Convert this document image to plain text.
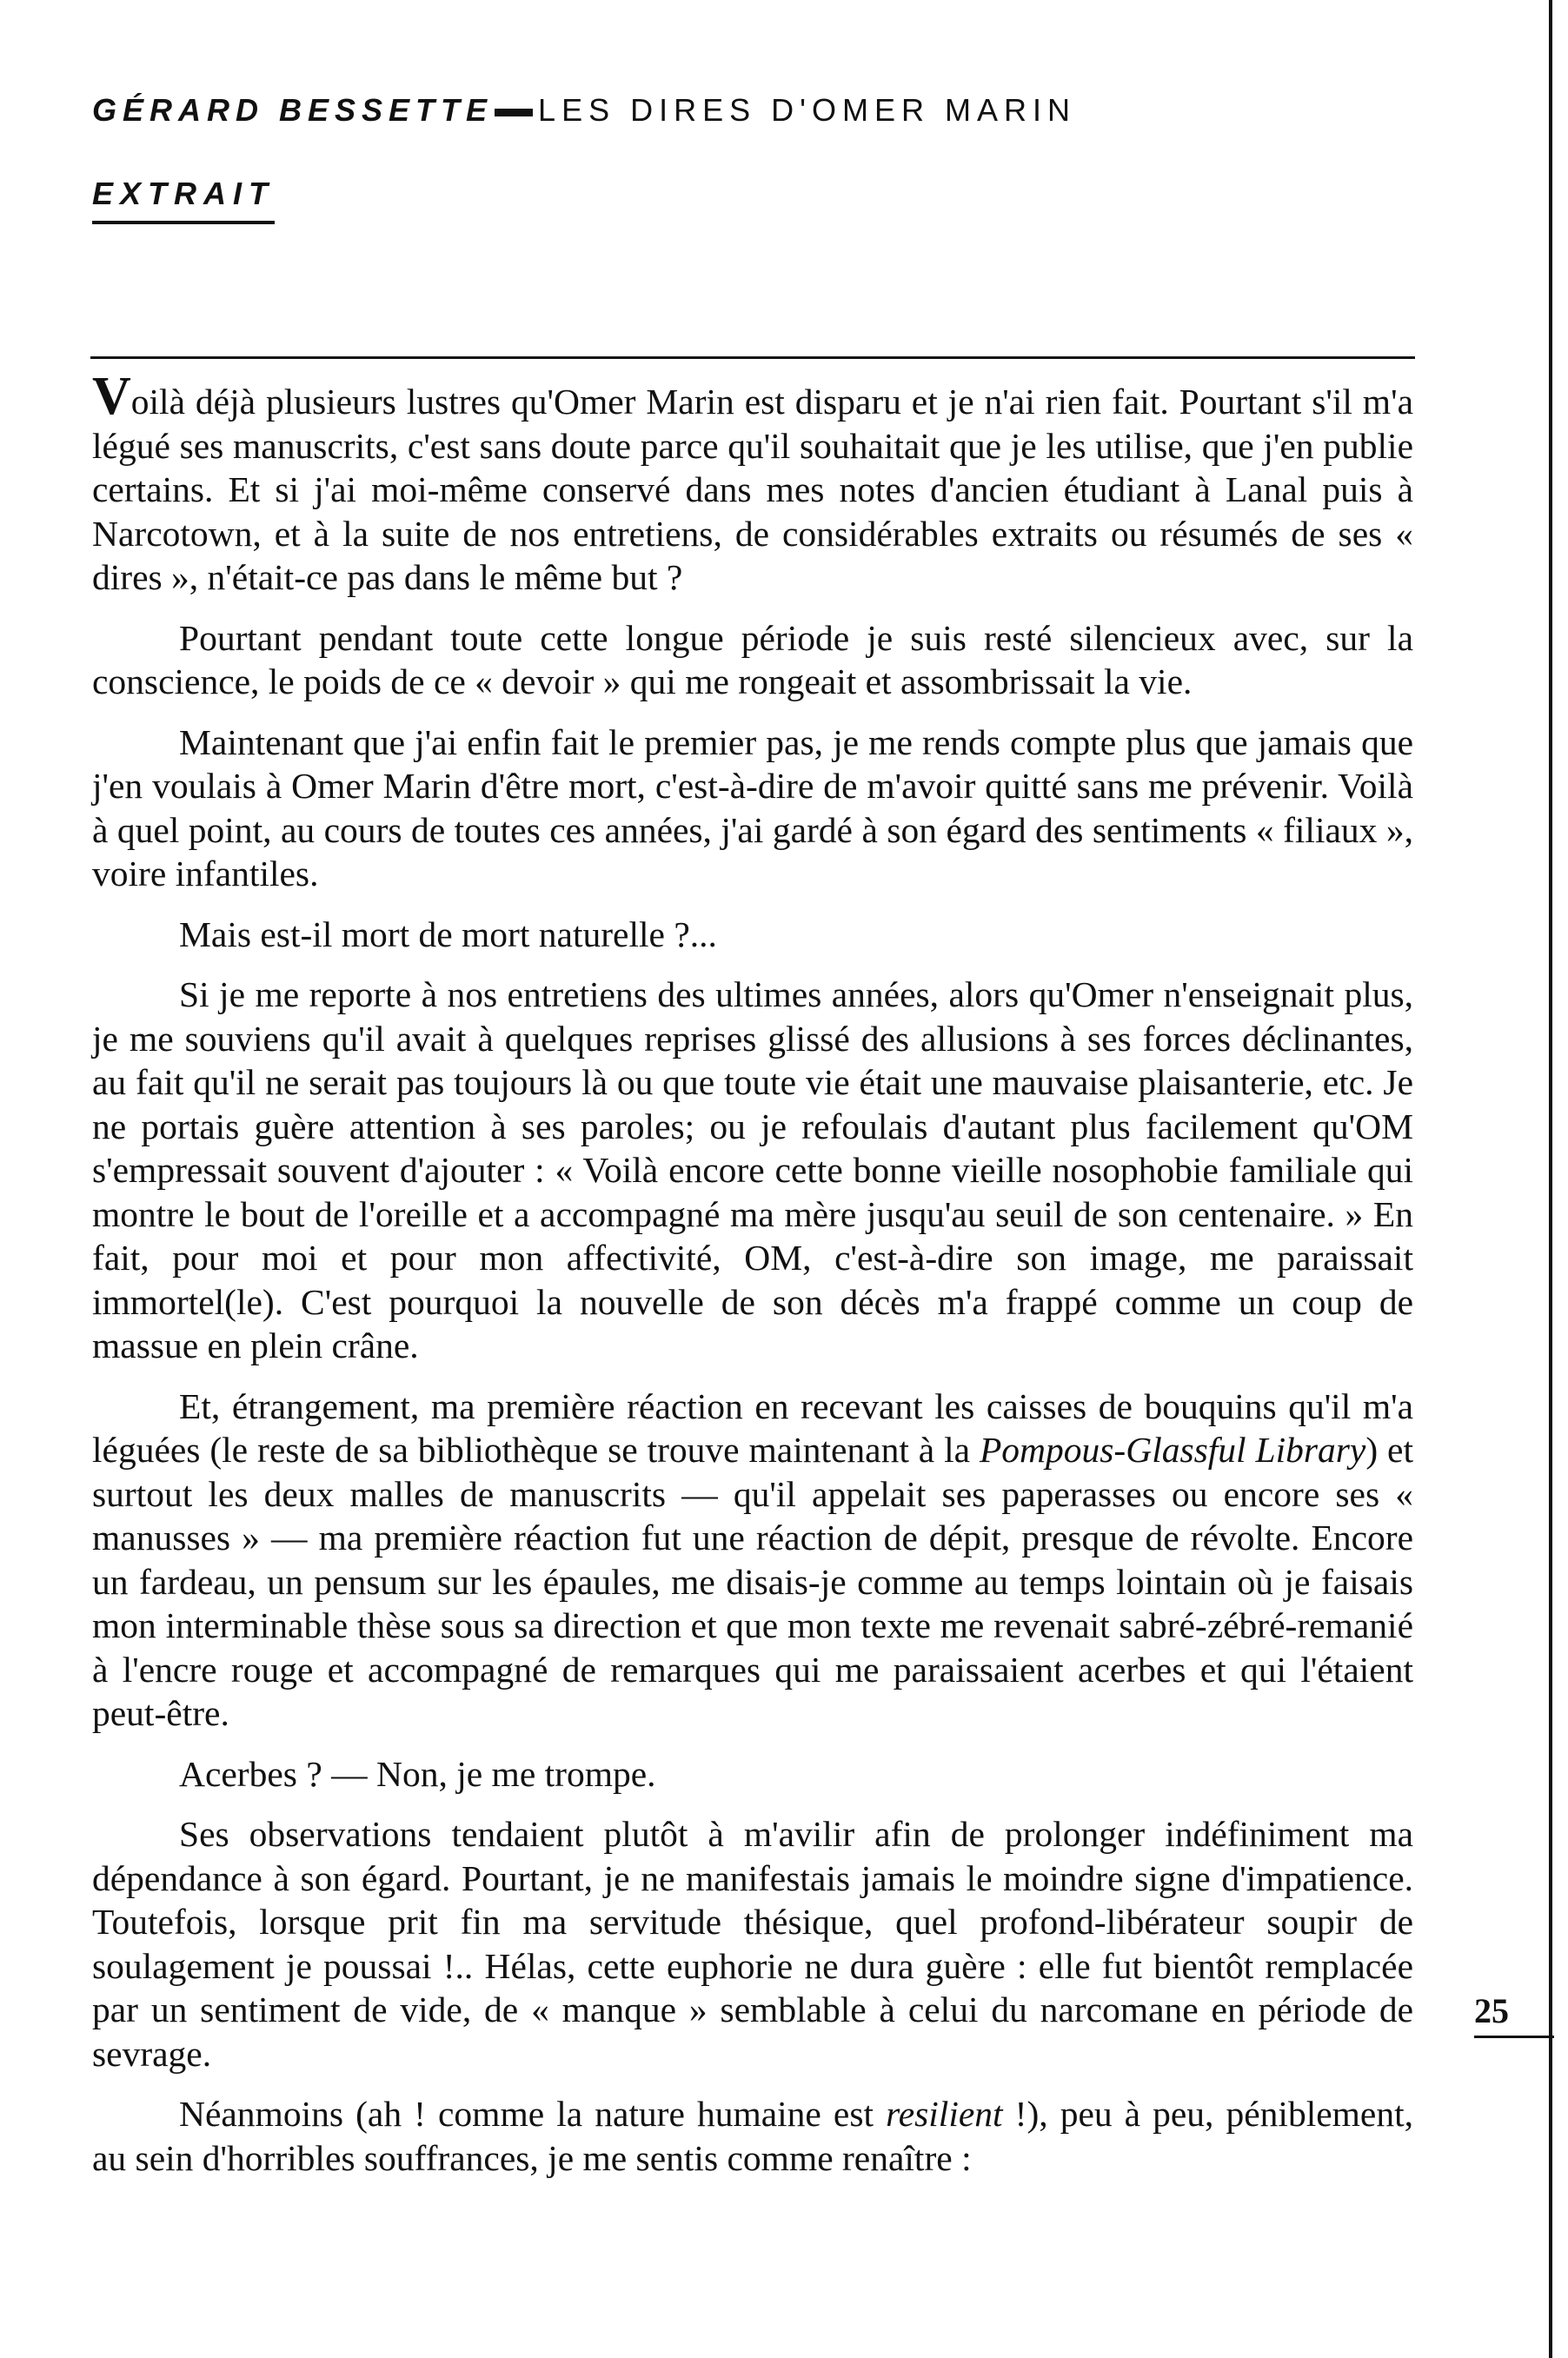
GÉRARD BESSETTE LES DIRES D'OMER MARIN
EXTRAIT

Voilà déjà plusieurs lustres qu'Omer Marin est disparu et je n'ai rien fait. Pourtant s'il m'a légué ses manuscrits, c'est sans doute parce qu'il souhaitait que je les utilise, que j'en publie certains. Et si j'ai moi-même conservé dans mes notes d'ancien étudiant à Lanal puis à Narcotown, et à la suite de nos entretiens, de considérables extraits ou résumés de ses « dires », n'était-ce pas dans le même but ?

Pourtant pendant toute cette longue période je suis resté silencieux avec, sur la conscience, le poids de ce « devoir » qui me rongeait et assombrissait la vie.

Maintenant que j'ai enfin fait le premier pas, je me rends compte plus que jamais que j'en voulais à Omer Marin d'être mort, c'est-à-dire de m'avoir quitté sans me prévenir. Voilà à quel point, au cours de toutes ces années, j'ai gardé à son égard des sentiments « filiaux », voire infantiles.

Mais est-il mort de mort naturelle ?...

Si je me reporte à nos entretiens des ultimes années, alors qu'Omer n'enseignait plus, je me souviens qu'il avait à quelques reprises glissé des allusions à ses forces déclinantes, au fait qu'il ne serait pas toujours là ou que toute vie était une mauvaise plaisanterie, etc. Je ne portais guère attention à ses paroles; ou je refoulais d'autant plus facilement qu'OM s'empressait souvent d'ajouter : « Voilà encore cette bonne vieille nosophobie familiale qui montre le bout de l'oreille et a accompagné ma mère jusqu'au seuil de son centenaire. » En fait, pour moi et pour mon affectivité, OM, c'est-à-dire son image, me paraissait immortel(le). C'est pourquoi la nouvelle de son décès m'a frappé comme un coup de massue en plein crâne.

Et, étrangement, ma première réaction en recevant les caisses de bouquins qu'il m'a léguées (le reste de sa bibliothèque se trouve maintenant à la Pompous-Glassful Library) et surtout les deux malles de manuscrits — qu'il appelait ses paperasses ou encore ses « manusses » — ma première réaction fut une réaction de dépit, presque de révolte. Encore un fardeau, un pensum sur les épaules, me disais-je comme au temps lointain où je faisais mon interminable thèse sous sa direction et que mon texte me revenait sabré-zébré-remanié à l'encre rouge et accompagné de remarques qui me paraissaient acerbes et qui l'étaient peut-être.

Acerbes ? — Non, je me trompe.

Ses observations tendaient plutôt à m'avilir afin de prolonger indéfiniment ma dépendance à son égard. Pourtant, je ne manifestais jamais le moindre signe d'impatience. Toutefois, lorsque prit fin ma servitude thésique, quel profond-libérateur soupir de soulagement je poussai !.. Hélas, cette euphorie ne dura guère : elle fut bientôt remplacée par un sentiment de vide, de « manque » semblable à celui du narcomane en période de sevrage.

Néanmoins (ah ! comme la nature humaine est resilient !), peu à peu, péniblement, au sein d'horribles souffrances, je me sentis comme renaître :

25
